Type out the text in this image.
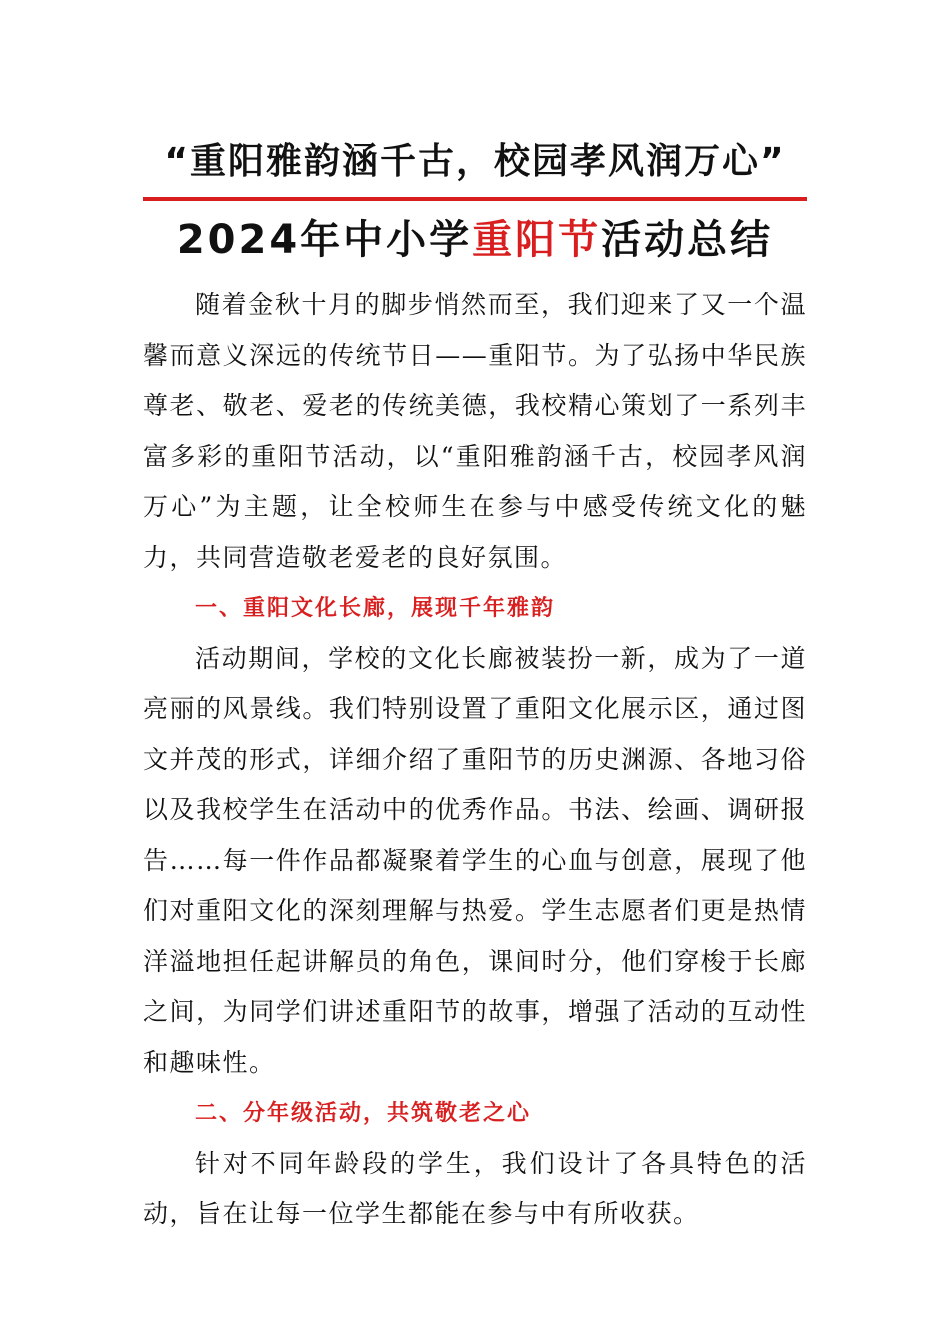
“重阳雅韵涵千古，校园孝风润万心”
2024年中小学重阳节活动总结

随着金秋十月的脚步悄然而至，我们迎来了又一个温馨而意义深远的传统节日——重阳节。为了弘扬中华民族尊老、敬老、爱老的传统美德，我校精心策划了一系列丰富多彩的重阳节活动，以“重阳雅韵涵千古，校园孝风润万心”为主题，让全校师生在参与中感受传统文化的魅力，共同营造敬老爱老的良好氛围。

一、重阳文化长廊，展现千年雅韵

活动期间，学校的文化长廊被装扮一新，成为了一道亮丽的风景线。我们特别设置了重阳文化展示区，通过图文并茂的形式，详细介绍了重阳节的历史渊源、各地习俗以及我校学生在活动中的优秀作品。书法、绘画、调研报告……每一件作品都凝聚着学生的心血与创意，展现了他们对重阳文化的深刻理解与热爱。学生志愿者们更是热情洋溢地担任起讲解员的角色，课间时分，他们穿梭于长廊之间，为同学们讲述重阳节的故事，增强了活动的互动性和趣味性。

二、分年级活动，共筑敬老之心

针对不同年龄段的学生，我们设计了各具特色的活动，旨在让每一位学生都能在参与中有所收获。
